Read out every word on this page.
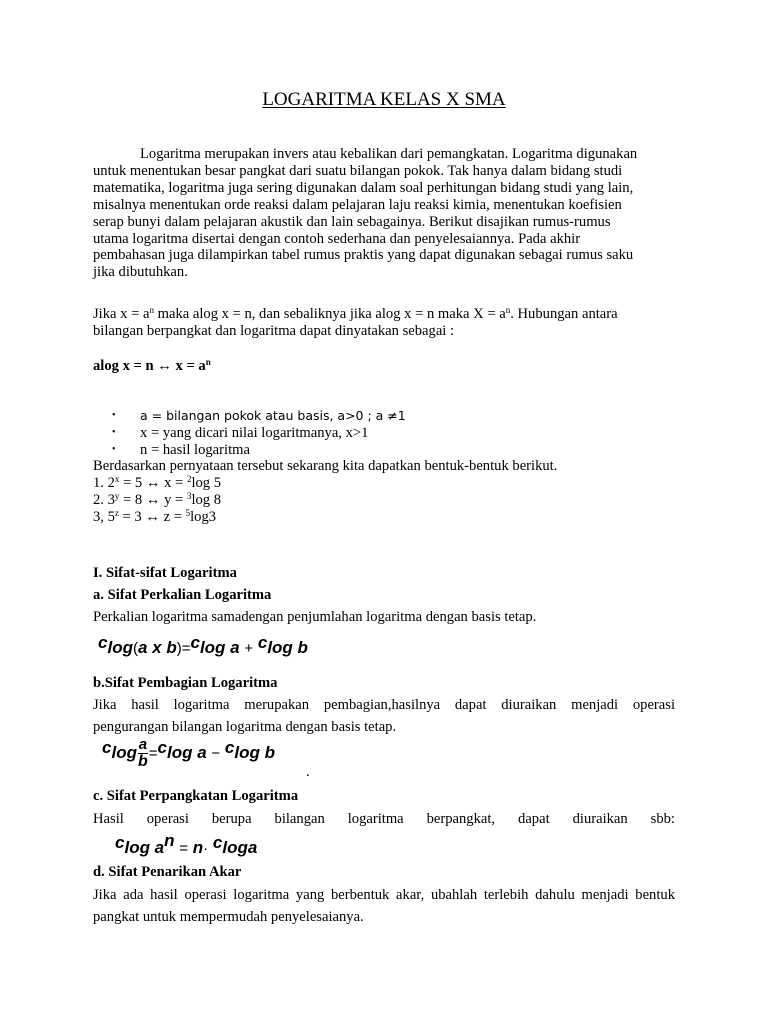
LOGARITMA KELAS X SMA
Logaritma merupakan invers atau kebalikan dari pemangkatan. Logaritma digunakan
untuk menentukan besar pangkat dari suatu bilangan pokok. Tak hanya dalam bidang studi
matematika, logaritma juga sering digunakan dalam soal perhitungan bidang studi yang lain,
misalnya menentukan orde reaksi dalam pelajaran laju reaksi kimia, menentukan koefisien
serap bunyi dalam pelajaran akustik dan lain sebagainya. Berikut disajikan rumus-rumus
utama logaritma disertai dengan contoh sederhana dan penyelesaiannya. Pada akhir
pembahasan juga dilampirkan tabel rumus praktis yang dapat digunakan sebagai rumus saku
jika dibutuhkan.
Jika $x = a^n$ maka alog x = n, dan sebaliknya jika alog x = n maka $X = a^n$. Hubungan antara
bilangan berpangkat dan logaritma dapat dinyatakan sebagai :
alog x = n ↔ $x = a^n$
• a = bilangan pokok atau basis, a>0 ; a ≠1
• x = yang dicari nilai logaritmanya, x>1
• n = hasil logaritma
Berdasarkan pernyataan tersebut sekarang kita dapatkan bentuk-bentuk berikut.
1. $2^x = 5$ ↔ x = $^2$log 5
2. $3^y = 8$ ↔ y = $^3$log 8
3, $5^z = 3$ ↔ z = $^5$log3
I. Sifat-sifat Logaritma
a. Sifat Perkalian Logaritma
Perkalian logaritma samadengan penjumlahan logaritma dengan basis tetap.
clog(a x b)=clog a + clog b
b.Sifat Pembagian Logaritma
Jika hasil logaritma merupakan pembagian,hasilnya dapat diuraikan menjadi operasi
pengurangan bilangan logaritma dengan basis tetap.
clog $\frac{a}{b} =clog$ a − clog b
.
c. Sifat Perpangkatan Logaritma
Hasil operasi berupa bilangan logaritma berpangkat, dapat diuraikan sbb:
clog an = n· cloga
d. Sifat Penarikan Akar
Jika ada hasil operasi logaritma yang berbentuk akar, ubahlah terlebih dahulu menjadi bentuk
pangkat untuk mempermudah penyelesaianya.
